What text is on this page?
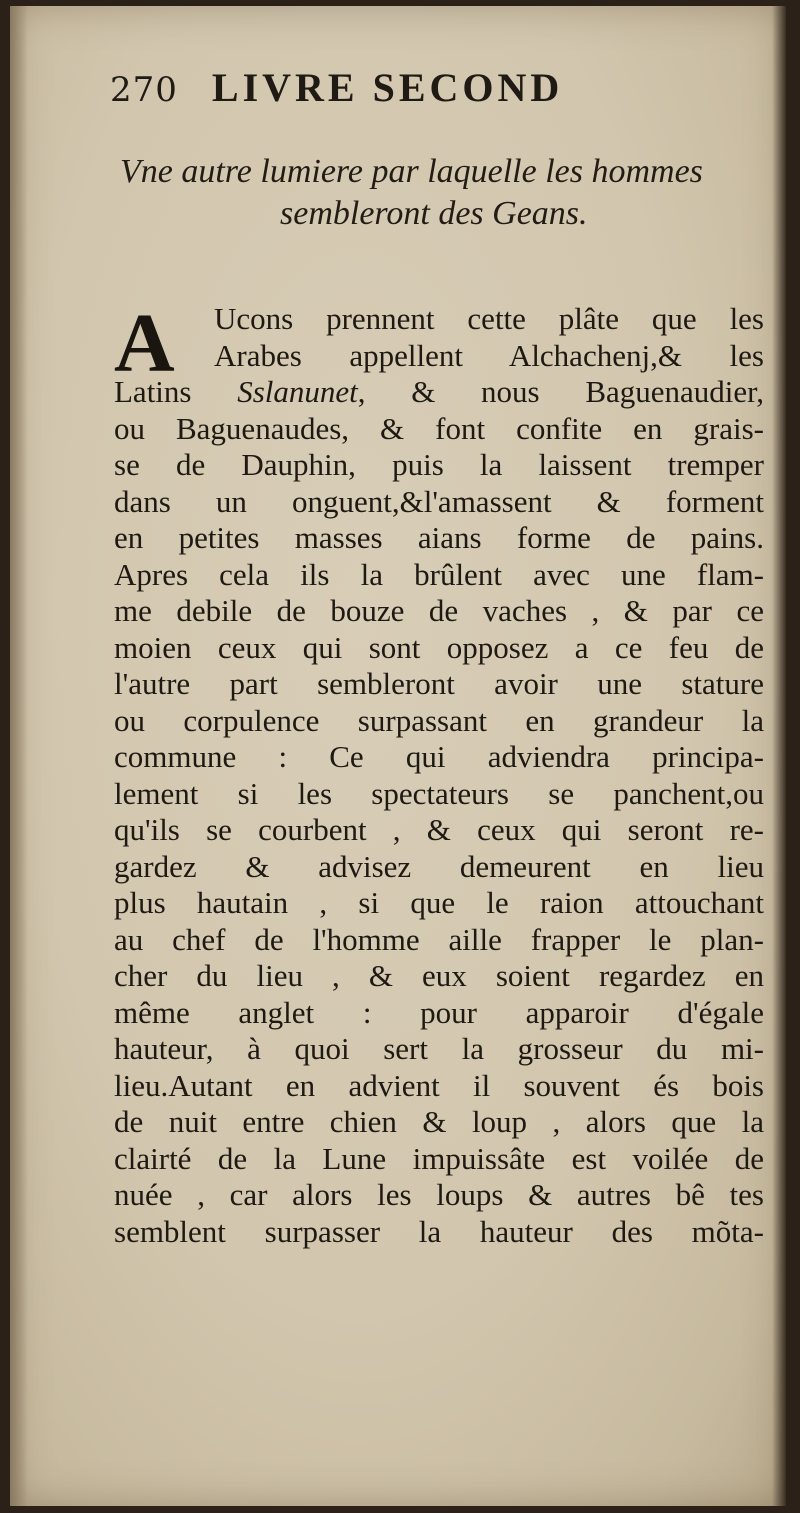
270 LIVRE SECOND
Vne autre lumiere par laquelle les hommes
sembleront des Geans.
A	Ucons prennent cette plâte que les
Arabes appellent Alchachenj,& les
Latins Sslanunet, & nous Baguenaudier,
ou Baguenaudes, & font confite en grais-
se de Dauphin, puis la laissent tremper
dans un onguent,&l'amassent & forment
en petites masses aians forme de pains.
Apres cela ils la brûlent avec une flam-
me debile de bouze de vaches , & par ce
moien ceux qui sont opposez a ce feu de
l'autre part sembleront avoir une stature
ou corpulence surpassant en grandeur la
commune : Ce qui adviendra principa-
lement si les spectateurs se panchent,ou
qu'ils se courbent , & ceux qui seront re-
gardez & advisez demeurent en lieu
plus hautain , si que le raion attouchant
au chef de l'homme aille frapper le plan-
cher du lieu , & eux soient regardez en
même anglet : pour apparoir d'égale
hauteur, à quoi sert la grosseur du mi-
lieu.Autant en advient il souvent és bois
de nuit entre chien & loup , alors que la
clairté de la Lune impuissâte est voilée de
nuée , car alors les loups & autres bê tes
semblent surpasser la hauteur des mõta-
